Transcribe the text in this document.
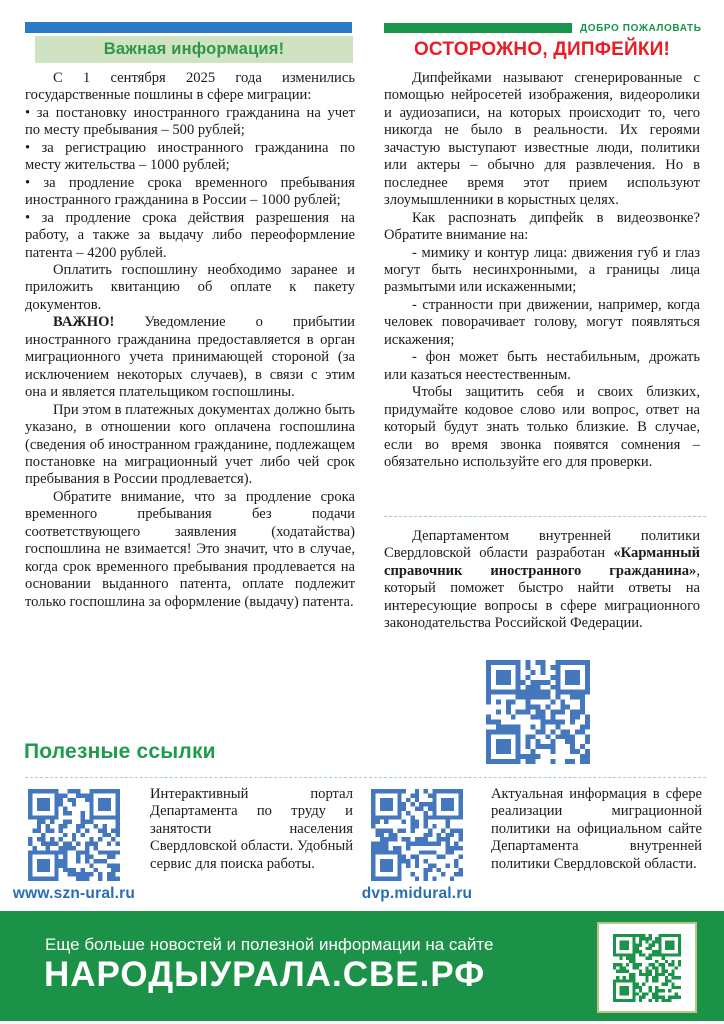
ДОБРО ПОЖАЛОВАТЬ
Важная информация!

С 1 сентября 2025 года изменились государственные пошлины в сфере миграции:

• за постановку иностранного гражданина на учет по месту пребывания – 500 рублей;

• за регистрацию иностранного гражданина по месту жительства – 1000 рублей;

• за продление срока временного пребывания иностранного гражданина в России – 1000 рублей;

• за продление срока действия разрешения на работу, а также за выдачу либо переоформление патента – 4200 рублей.

Оплатить госпошлину необходимо заранее и приложить квитанцию об оплате к пакету документов.

ВАЖНО! Уведомление о прибытии иностранного гражданина предоставляется в орган миграционного учета принимающей стороной (за исключением некоторых случаев), в связи с этим она и является плательщиком госпошлины.

При этом в платежных документах должно быть указано, в отношении кого оплачена госпошлина (сведения об иностранном гражданине, подлежащем постановке на миграционный учет либо чей срок пребывания в России продлевается).

Обратите внимание, что за продление срока временного пребывания без подачи соответствующего заявления (ходатайства) госпошлина не взимается! Это значит, что в случае, когда срок временного пребывания продлевается на основании выданного патента, оплате подлежит только госпошлина за оформление (выдачу) патента.

ОСТОРОЖНО, ДИПФЕЙКИ!

Дипфейками называют сгенерированные с помощью нейросетей изображения, видеоролики и аудиозаписи, на которых происходит то, чего никогда не было в реальности. Их героями зачастую выступают известные люди, политики или актеры – обычно для развлечения. Но в последнее время этот прием используют злоумышленники в корыстных целях.

Как распознать дипфейк в видеозвонке? Обратите внимание на:

- мимику и контур лица: движения губ и глаз могут быть несинхронными, а границы лица размытыми или искаженными;

- странности при движении, например, когда человек поворачивает голову, могут появляться искажения;

- фон может быть нестабильным, дрожать или казаться неестественным.

Чтобы защитить себя и своих близких, придумайте кодовое слово или вопрос, ответ на который будут знать только близкие. В случае, если во время звонка появятся сомнения – обязательно используйте его для проверки.

Департаментом внутренней политики Свердловской области разработан «Карманный справочник иностранного гражданина», который поможет быстро найти ответы на интересующие вопросы в сфере миграционного законодательства Российской Федерации.

Полезные ссылки
www.szn-ural.ru

Интерактивный портал Департамента по труду и занятости населения Свердловской области. Удобный сервис для поиска работы.

dvp.midural.ru

Актуальная информация в сфере реализации миграционной политики на официальном сайте Департамента внутренней политики Свердловской области.

Еще больше новостей и полезной информации на сайте
НАРОДЫУРАЛА.СВЕ.РФ
